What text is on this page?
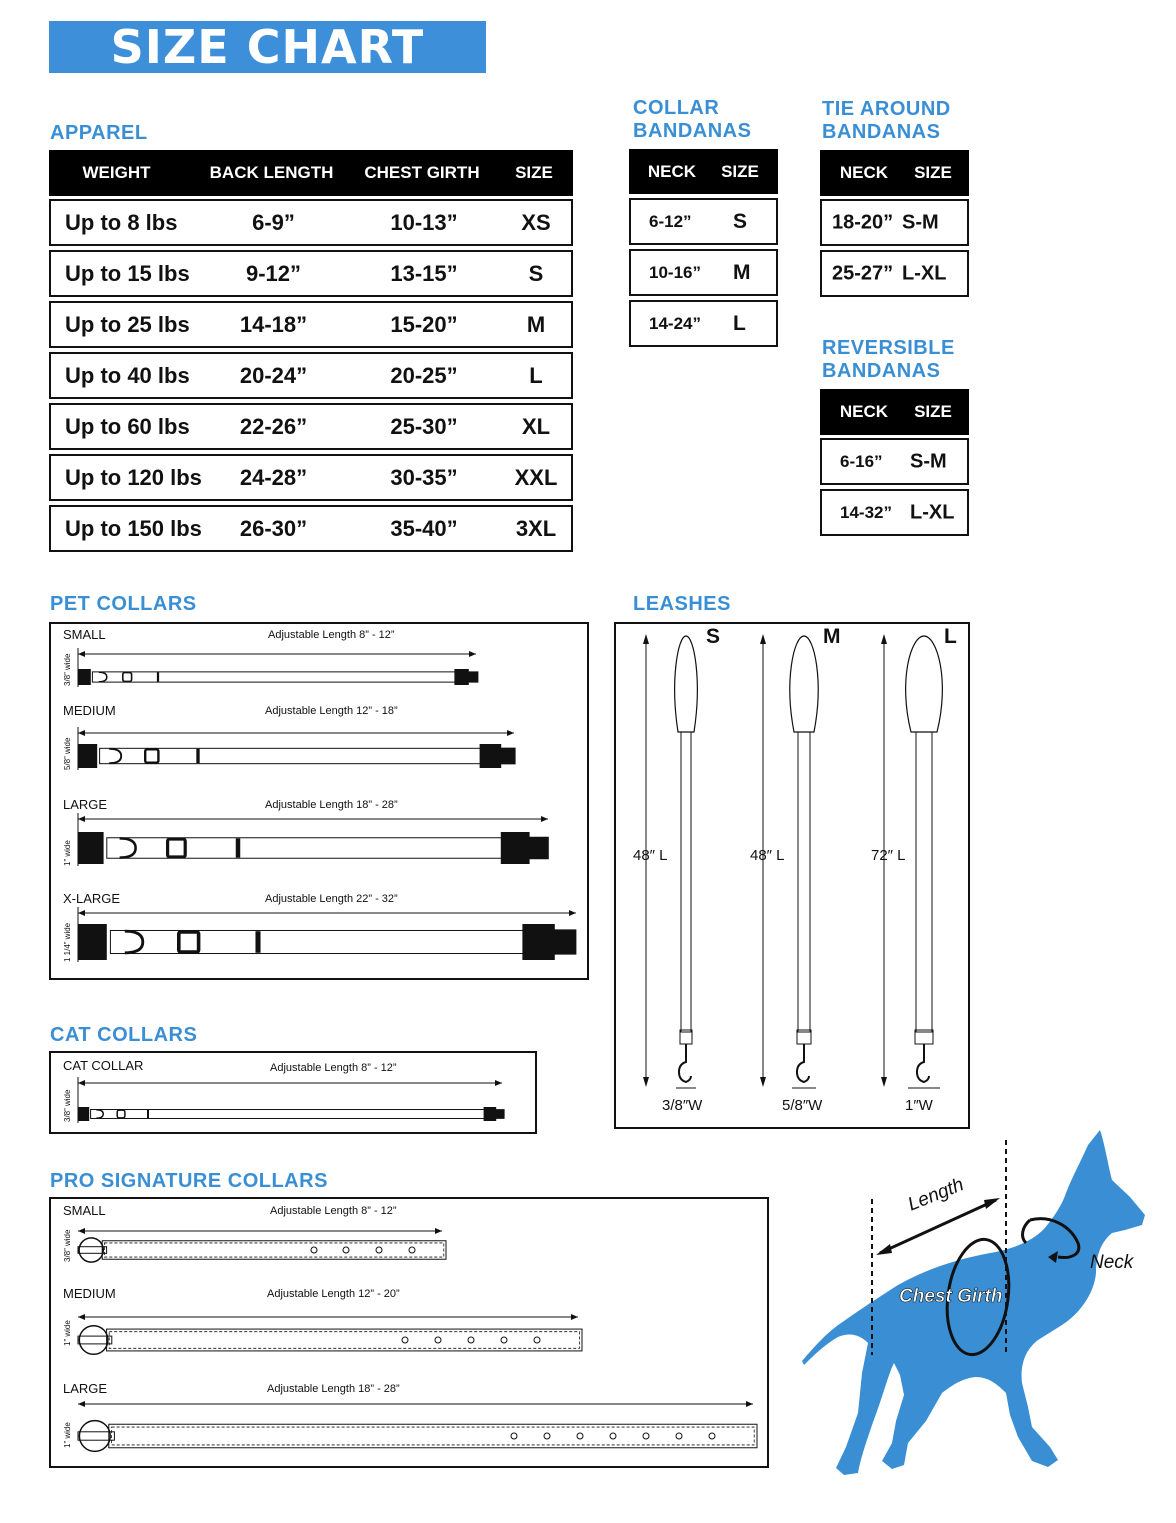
SIZE CHART
APPAREL
WEIGHT	BACK LENGTH	CHEST GIRTH	SIZE
Up to 8 lbs	6-9”	10-13”	XS
Up to 15 lbs	9-12”	13-15”	S
Up to 25 lbs	14-18”	15-20”	M
Up to 40 lbs	20-24”	20-25”	L
Up to 60 lbs	22-26”	25-30”	XL
Up to 120 lbs	24-28”	30-35”	XXL
Up to 150 lbs	26-30”	35-40”	3XL
COLLAR
BANDANAS
NECK	SIZE
6-12” S
10-16” M
14-24” L
TIE AROUND
BANDANAS
NECK	SIZE
18-20” S-M
25-27” L-XL
REVERSIBLE
BANDANAS
NECK	SIZE
6-16” S-M
14-32” L-XL
PET COLLARS
CAT COLLARS
PRO SIGNATURE COLLARS
LEASHES
SMALL	Adjustable Length 8” - 12”
3/8” wide
MEDIUM	Adjustable Length 12” - 18”
5/8” wide
LARGE	Adjustable Length 18” - 28”
1” wide
X-LARGE	Adjustable Length 22” - 32”
1 1/4” wide
CAT COLLAR	Adjustable Length 8” - 12”
3/8” wide
SMALL	Adjustable Length 8” - 12”
3/8” wide
MEDIUM	Adjustable Length 12” - 20”
1” wide
LARGE	Adjustable Length 18” - 28”
1” wide
S
48″ L
3/8″W
M
48″ L
5/8″W
L
72″ L
1″W
Length
Neck
Chest Girth
